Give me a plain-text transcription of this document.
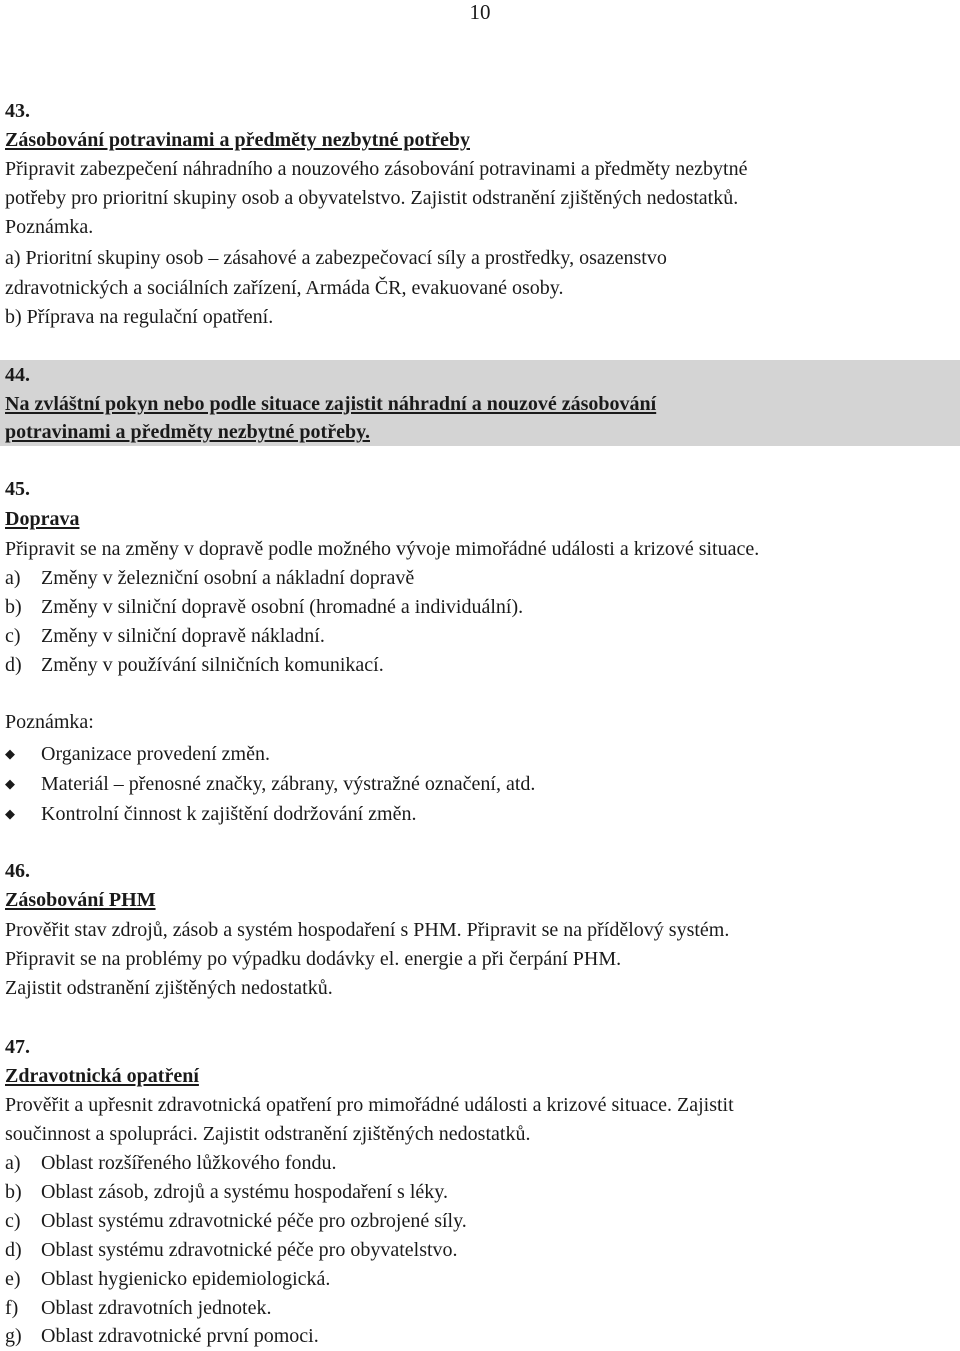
10
43.
Zásobování potravinami a předměty nezbytné potřeby
Připravit zabezpečení náhradního a nouzového zásobování potravinami a předměty nezbytné
potřeby pro prioritní skupiny osob a obyvatelstvo. Zajistit odstranění zjištěných nedostatků.
Poznámka.
a) Prioritní skupiny osob – zásahové a zabezpečovací síly a prostředky, osazenstvo
zdravotnických a sociálních zařízení, Armáda ČR, evakuované osoby.
b) Příprava na regulační opatření.
44.
Na zvláštní pokyn nebo podle situace zajistit náhradní a nouzové zásobování
potravinami a předměty nezbytné potřeby.
45.
Doprava
Připravit se na změny v dopravě podle možného vývoje mimořádné události a krizové situace.
a) Změny v železniční osobní a nákladní dopravě
b) Změny v silniční dopravě osobní (hromadné a individuální).
c) Změny v silniční dopravě nákladní.
d) Změny v používání silničních komunikací.
Poznámka:
◆ Organizace provedení změn.
◆ Materiál – přenosné značky, zábrany, výstražné označení, atd.
◆ Kontrolní činnost k zajištění dodržování změn.
46.
Zásobování PHM
Prověřit stav zdrojů, zásob a systém hospodaření s PHM. Připravit se na přídělový systém.
Připravit se na problémy po výpadku dodávky el. energie a při čerpání PHM.
Zajistit odstranění zjištěných nedostatků.
47.
Zdravotnická opatření
Prověřit a upřesnit zdravotnická opatření pro mimořádné události a krizové situace. Zajistit
součinnost a spolupráci. Zajistit odstranění zjištěných nedostatků.
a) Oblast rozšířeného lůžkového fondu.
b) Oblast zásob, zdrojů a systému hospodaření s léky.
c) Oblast systému zdravotnické péče pro ozbrojené síly.
d) Oblast systému zdravotnické péče pro obyvatelstvo.
e) Oblast hygienicko epidemiologická.
f) Oblast zdravotních jednotek.
g) Oblast zdravotnické první pomoci.
